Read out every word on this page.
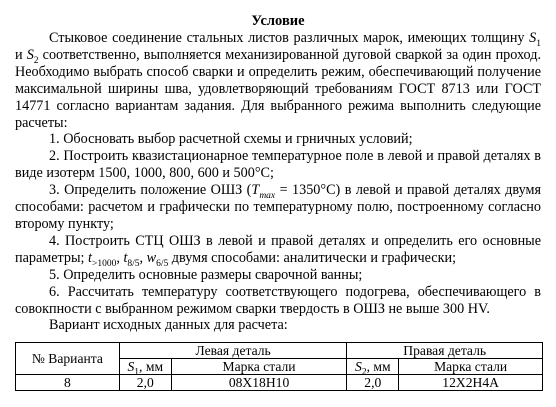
Условие

Стыковое соединение стальных листов различных марок, имеющих толщину $S_1$ и $S_2$ соответственно, выполняется механизированной дуговой сваркой за один проход. Необходимо выбрать способ сварки и определить режим, обеспечивающий получение максимальной ширины шва, удовлетворяющий требованиям ГОСТ 8713 или ГОСТ 14771 согласно вариантам задания. Для выбранного режима выполнить следующие расчеты:

1. Обосновать выбор расчетной схемы и грничных условий;

2. Построить квазистационарное температурное поле в левой и правой деталях в виде изотерм 1500, 1000, 800, 600 и 500°С;

3. Определить положение ОШЗ $(T_{max} = 1350^\circ С)$ в левой и правой деталях двумя способами: расчетом и графически по температурному полю, построенному согласно второму пункту;

4. Построить СТЦ ОШЗ в левой и правой деталях и определить его основные параметры; $t_{>1000}$, $t_{8/5}$, $w_{6/5}$ двумя способами: аналитически и графически;

5. Определить основные размеры сварочной ванны;

6. Рассчитать температуру соответствующего подогрева, обеспечивающего в совокпности с выбранном режимом сварки твердость в ОШЗ не выше 300 HV.

Вариант исходных данных для расчета:

№ Варианта	Левая деталь		Правая деталь	
	$S_1$, мм	Марка стали	$S_2$, мм	Марка стали
8	2,0	08Х18Н10	2,0	12Х2Н4А
